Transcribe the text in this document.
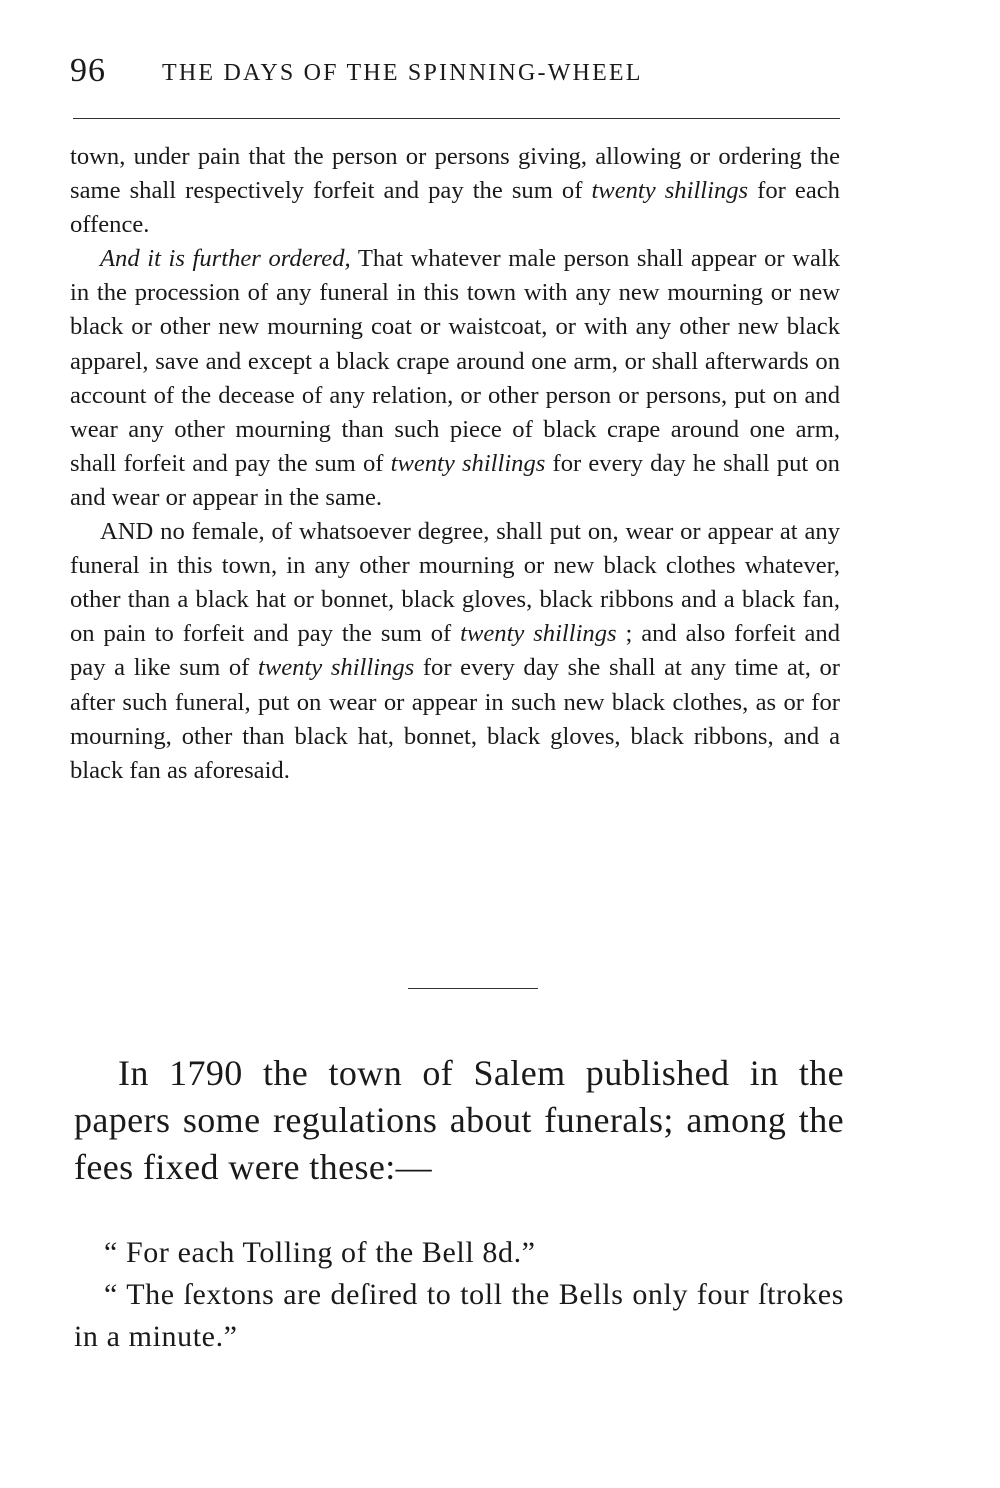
96 THE DAYS OF THE SPINNING-WHEEL

town, under pain that the person or persons giving, allowing or ordering the same shall respectively forfeit and pay the sum of twenty shillings for each offence.

And it is further ordered, That whatever male person shall appear or walk in the procession of any funeral in this town with any new mourning or new black or other new mourning coat or waistcoat, or with any other new black apparel, save and except a black crape around one arm, or shall afterwards on account of the decease of any relation, or other person or persons, put on and wear any other mourning than such piece of black crape around one arm, shall forfeit and pay the sum of twenty shillings for every day he shall put on and wear or appear in the same.

AND no female, of whatsoever degree, shall put on, wear or appear at any funeral in this town, in any other mourning or new black clothes whatever, other than a black hat or bonnet, black gloves, black ribbons and a black fan, on pain to forfeit and pay the sum of twenty shillings ; and also forfeit and pay a like sum of twenty shillings for every day she shall at any time at, or after such funeral, put on wear or appear in such new black clothes, as or for mourning, other than black hat, bonnet, black gloves, black ribbons, and a black fan as aforesaid.

In 1790 the town of Salem published in the papers some regulations about funerals; among the fees fixed were these:—

“ For each Tolling of the Bell 8d.”

“ The ſextons are deſired to toll the Bells only four ſtrokes in a minute.”
